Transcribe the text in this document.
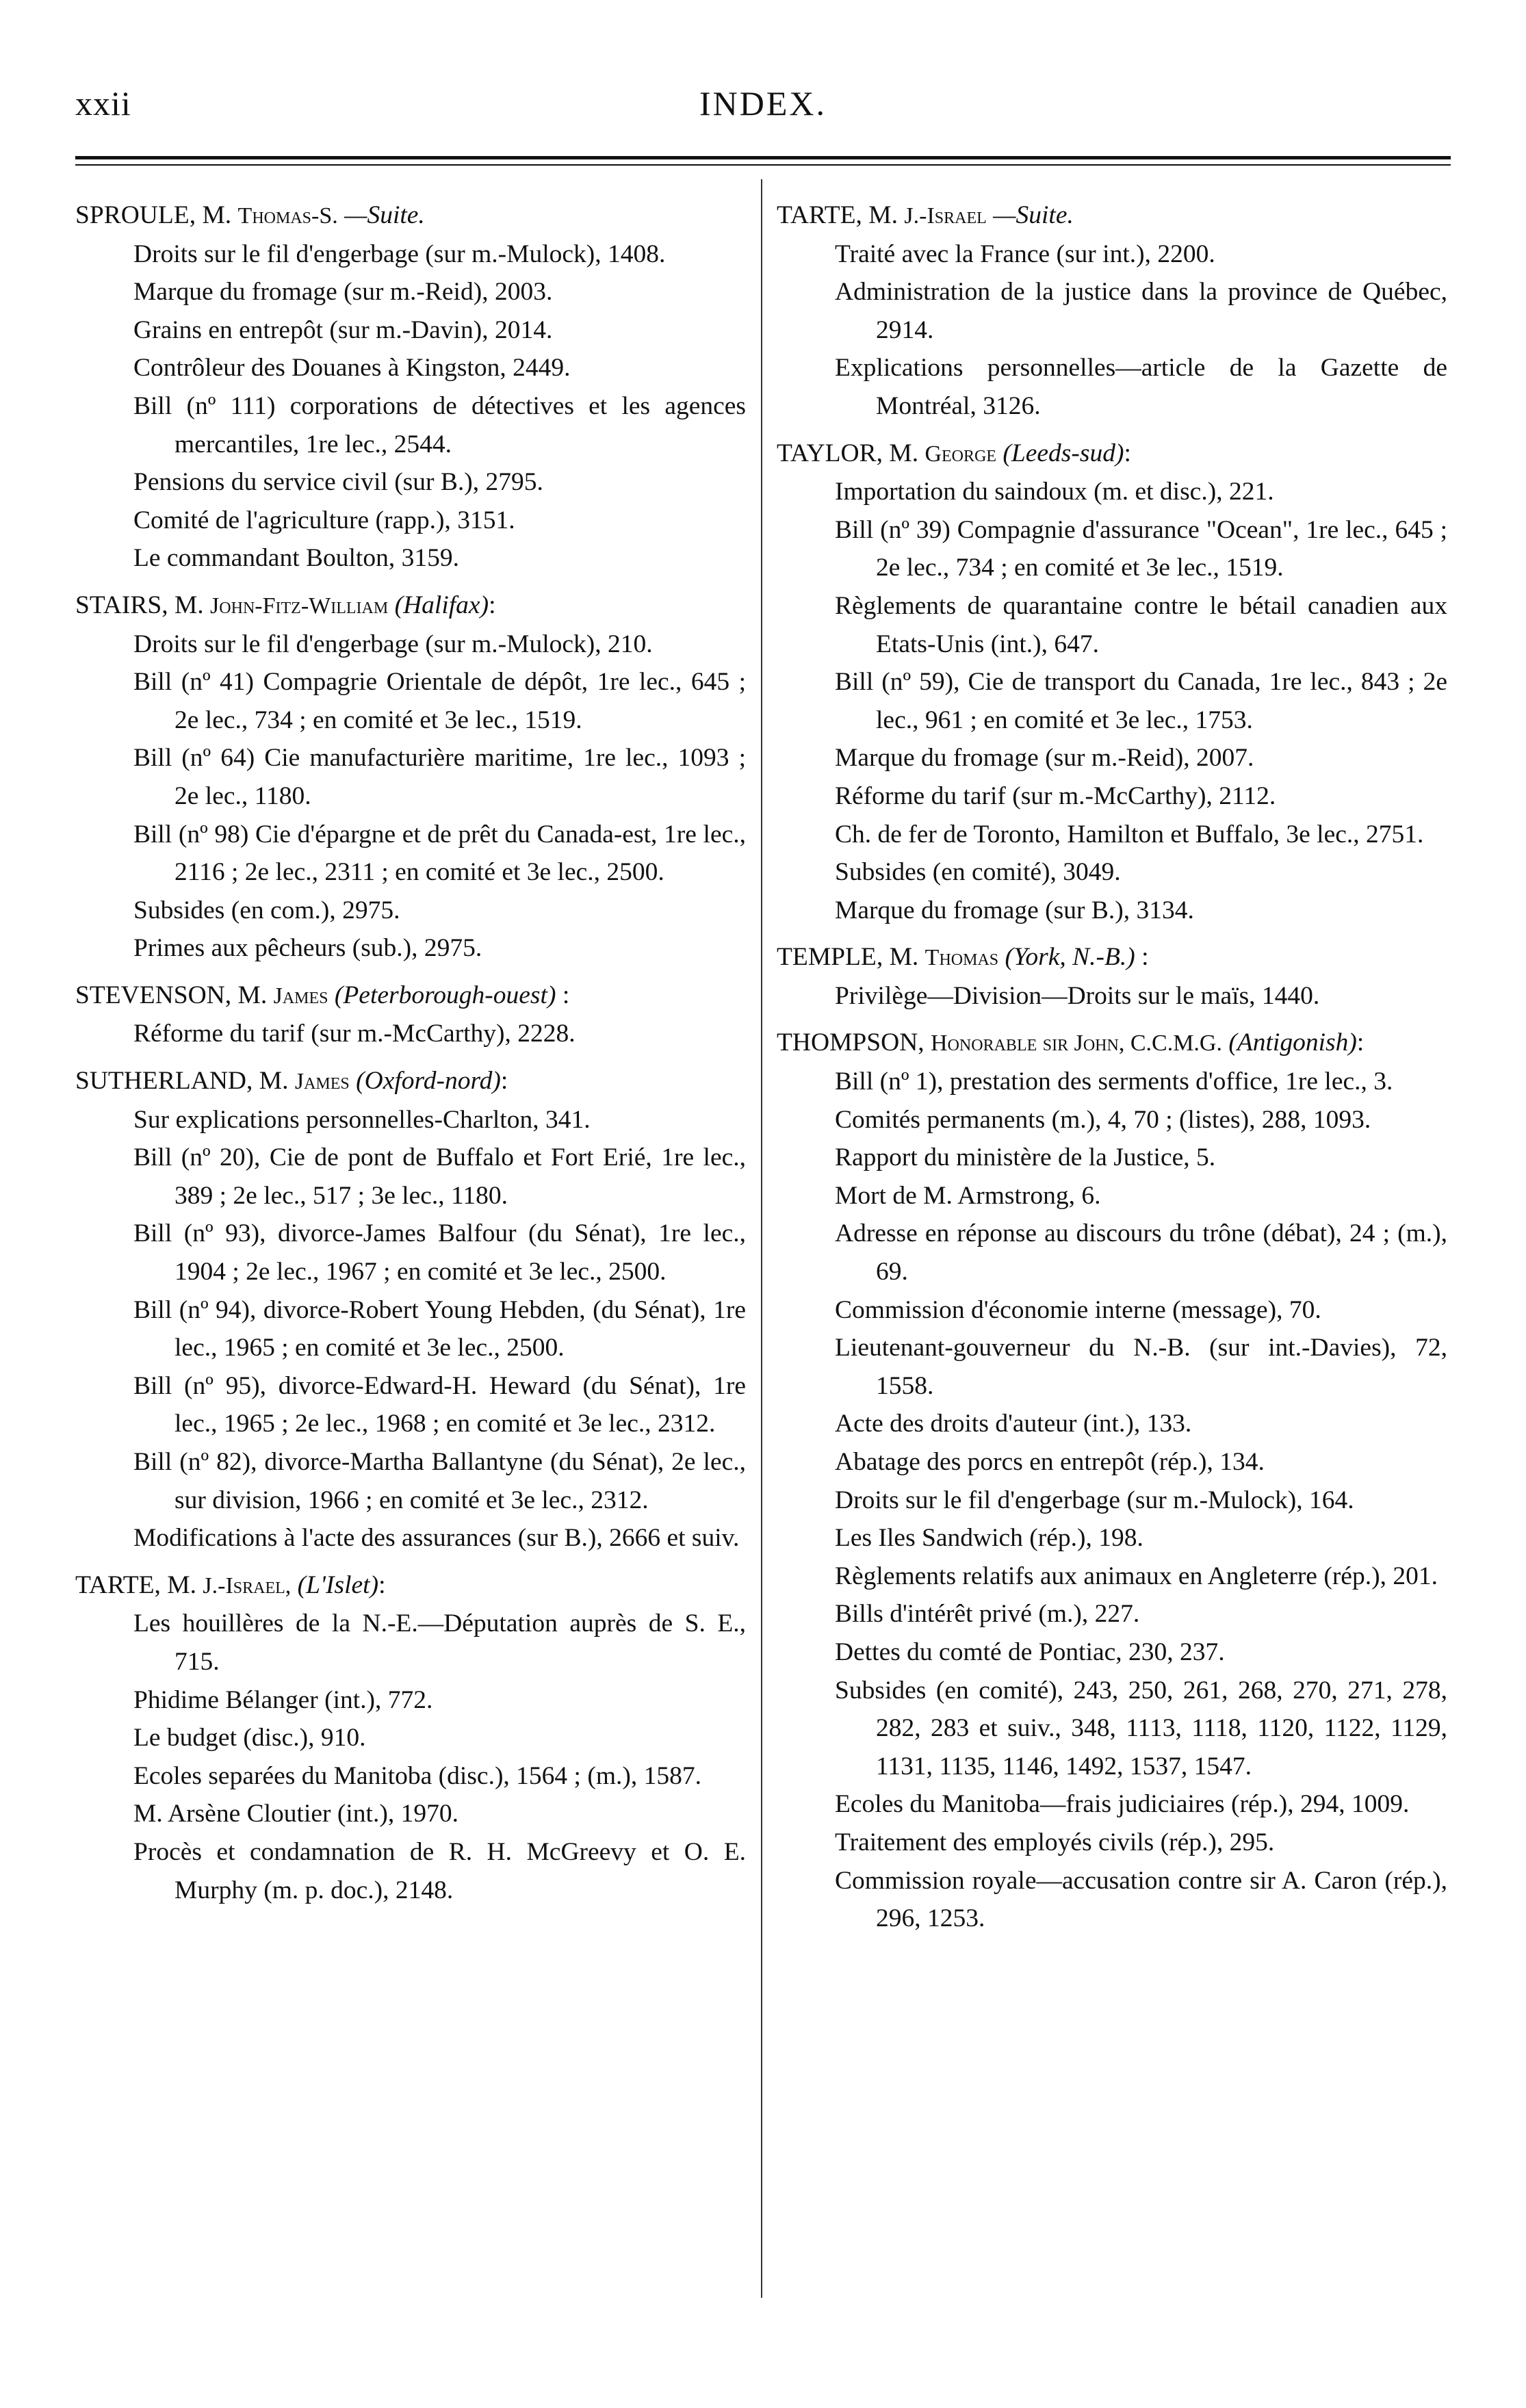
xxii	INDEX.
SPROULE, M. Thomas-S. —Suite.
Droits sur le fil d'engerbage (sur m.-Mulock), 1408.
Marque du fromage (sur m.-Reid), 2003.
Grains en entrepôt (sur m.-Davin), 2014.
Contrôleur des Douanes à Kingston, 2449.
Bill (nº 111) corporations de détectives et les agences mercantiles, 1re lec., 2544.
Pensions du service civil (sur B.), 2795.
Comité de l'agriculture (rapp.), 3151.
Le commandant Boulton, 3159.
STAIRS, M. John-Fitz-William (Halifax):
Droits sur le fil d'engerbage (sur m.-Mulock), 210.
Bill (nº 41) Compagrie Orientale de dépôt, 1re lec., 645 ; 2e lec., 734 ; en comité et 3e lec., 1519.
Bill (nº 64) Cie manufacturière maritime, 1re lec., 1093 ; 2e lec., 1180.
Bill (nº 98) Cie d'épargne et de prêt du Canada-est, 1re lec., 2116 ; 2e lec., 2311 ; en comité et 3e lec., 2500.
Subsides (en com.), 2975.
Primes aux pêcheurs (sub.), 2975.
STEVENSON, M. James (Peterborough-ouest) :
Réforme du tarif (sur m.-McCarthy), 2228.
SUTHERLAND, M. James (Oxford-nord):
Sur explications personnelles-Charlton, 341.
Bill (nº 20), Cie de pont de Buffalo et Fort Erié, 1re lec., 389 ; 2e lec., 517 ; 3e lec., 1180.
Bill (nº 93), divorce-James Balfour (du Sénat), 1re lec., 1904 ; 2e lec., 1967 ; en comité et 3e lec., 2500.
Bill (nº 94), divorce-Robert Young Hebden, (du Sénat), 1re lec., 1965 ; en comité et 3e lec., 2500.
Bill (nº 95), divorce-Edward-H. Heward (du Sénat), 1re lec., 1965 ; 2e lec., 1968 ; en comité et 3e lec., 2312.
Bill (nº 82), divorce-Martha Ballantyne (du Sénat), 2e lec., sur division, 1966 ; en comité et 3e lec., 2312.
Modifications à l'acte des assurances (sur B.), 2666 et suiv.
TARTE, M. J.-Israel, (L'Islet):
Les houillères de la N.-E.—Députation auprès de S. E., 715.
Phidime Bélanger (int.), 772.
Le budget (disc.), 910.
Ecoles separées du Manitoba (disc.), 1564 ; (m.), 1587.
M. Arsène Cloutier (int.), 1970.
Procès et condamnation de R. H. McGreevy et O. E. Murphy (m. p. doc.), 2148.
TARTE, M. J.-Israel —Suite.
Traité avec la France (sur int.), 2200.
Administration de la justice dans la province de Québec, 2914.
Explications personnelles—article de la Gazette de Montréal, 3126.
TAYLOR, M. George (Leeds-sud):
Importation du saindoux (m. et disc.), 221.
Bill (nº 39) Compagnie d'assurance "Ocean", 1re lec., 645 ; 2e lec., 734 ; en comité et 3e lec., 1519.
Règlements de quarantaine contre le bétail canadien aux Etats-Unis (int.), 647.
Bill (nº 59), Cie de transport du Canada, 1re lec., 843 ; 2e lec., 961 ; en comité et 3e lec., 1753.
Marque du fromage (sur m.-Reid), 2007.
Réforme du tarif (sur m.-McCarthy), 2112.
Ch. de fer de Toronto, Hamilton et Buffalo, 3e lec., 2751.
Subsides (en comité), 3049.
Marque du fromage (sur B.), 3134.
TEMPLE, M. Thomas (York, N.-B.) :
Privilège—Division—Droits sur le maïs, 1440.
THOMPSON, Honorable sir John, C.C.M.G. (Antigonish):
Bill (nº 1), prestation des serments d'office, 1re lec., 3.
Comités permanents (m.), 4, 70 ; (listes), 288, 1093.
Rapport du ministère de la Justice, 5.
Mort de M. Armstrong, 6.
Adresse en réponse au discours du trône (débat), 24 ; (m.), 69.
Commission d'économie interne (message), 70.
Lieutenant-gouverneur du N.-B. (sur int.-Davies), 72, 1558.
Acte des droits d'auteur (int.), 133.
Abatage des porcs en entrepôt (rép.), 134.
Droits sur le fil d'engerbage (sur m.-Mulock), 164.
Les Iles Sandwich (rép.), 198.
Règlements relatifs aux animaux en Angleterre (rép.), 201.
Bills d'intérêt privé (m.), 227.
Dettes du comté de Pontiac, 230, 237.
Subsides (en comité), 243, 250, 261, 268, 270, 271, 278, 282, 283 et suiv., 348, 1113, 1118, 1120, 1122, 1129, 1131, 1135, 1146, 1492, 1537, 1547.
Ecoles du Manitoba—frais judiciaires (rép.), 294, 1009.
Traitement des employés civils (rép.), 295.
Commission royale—accusation contre sir A. Caron (rép.), 296, 1253.
